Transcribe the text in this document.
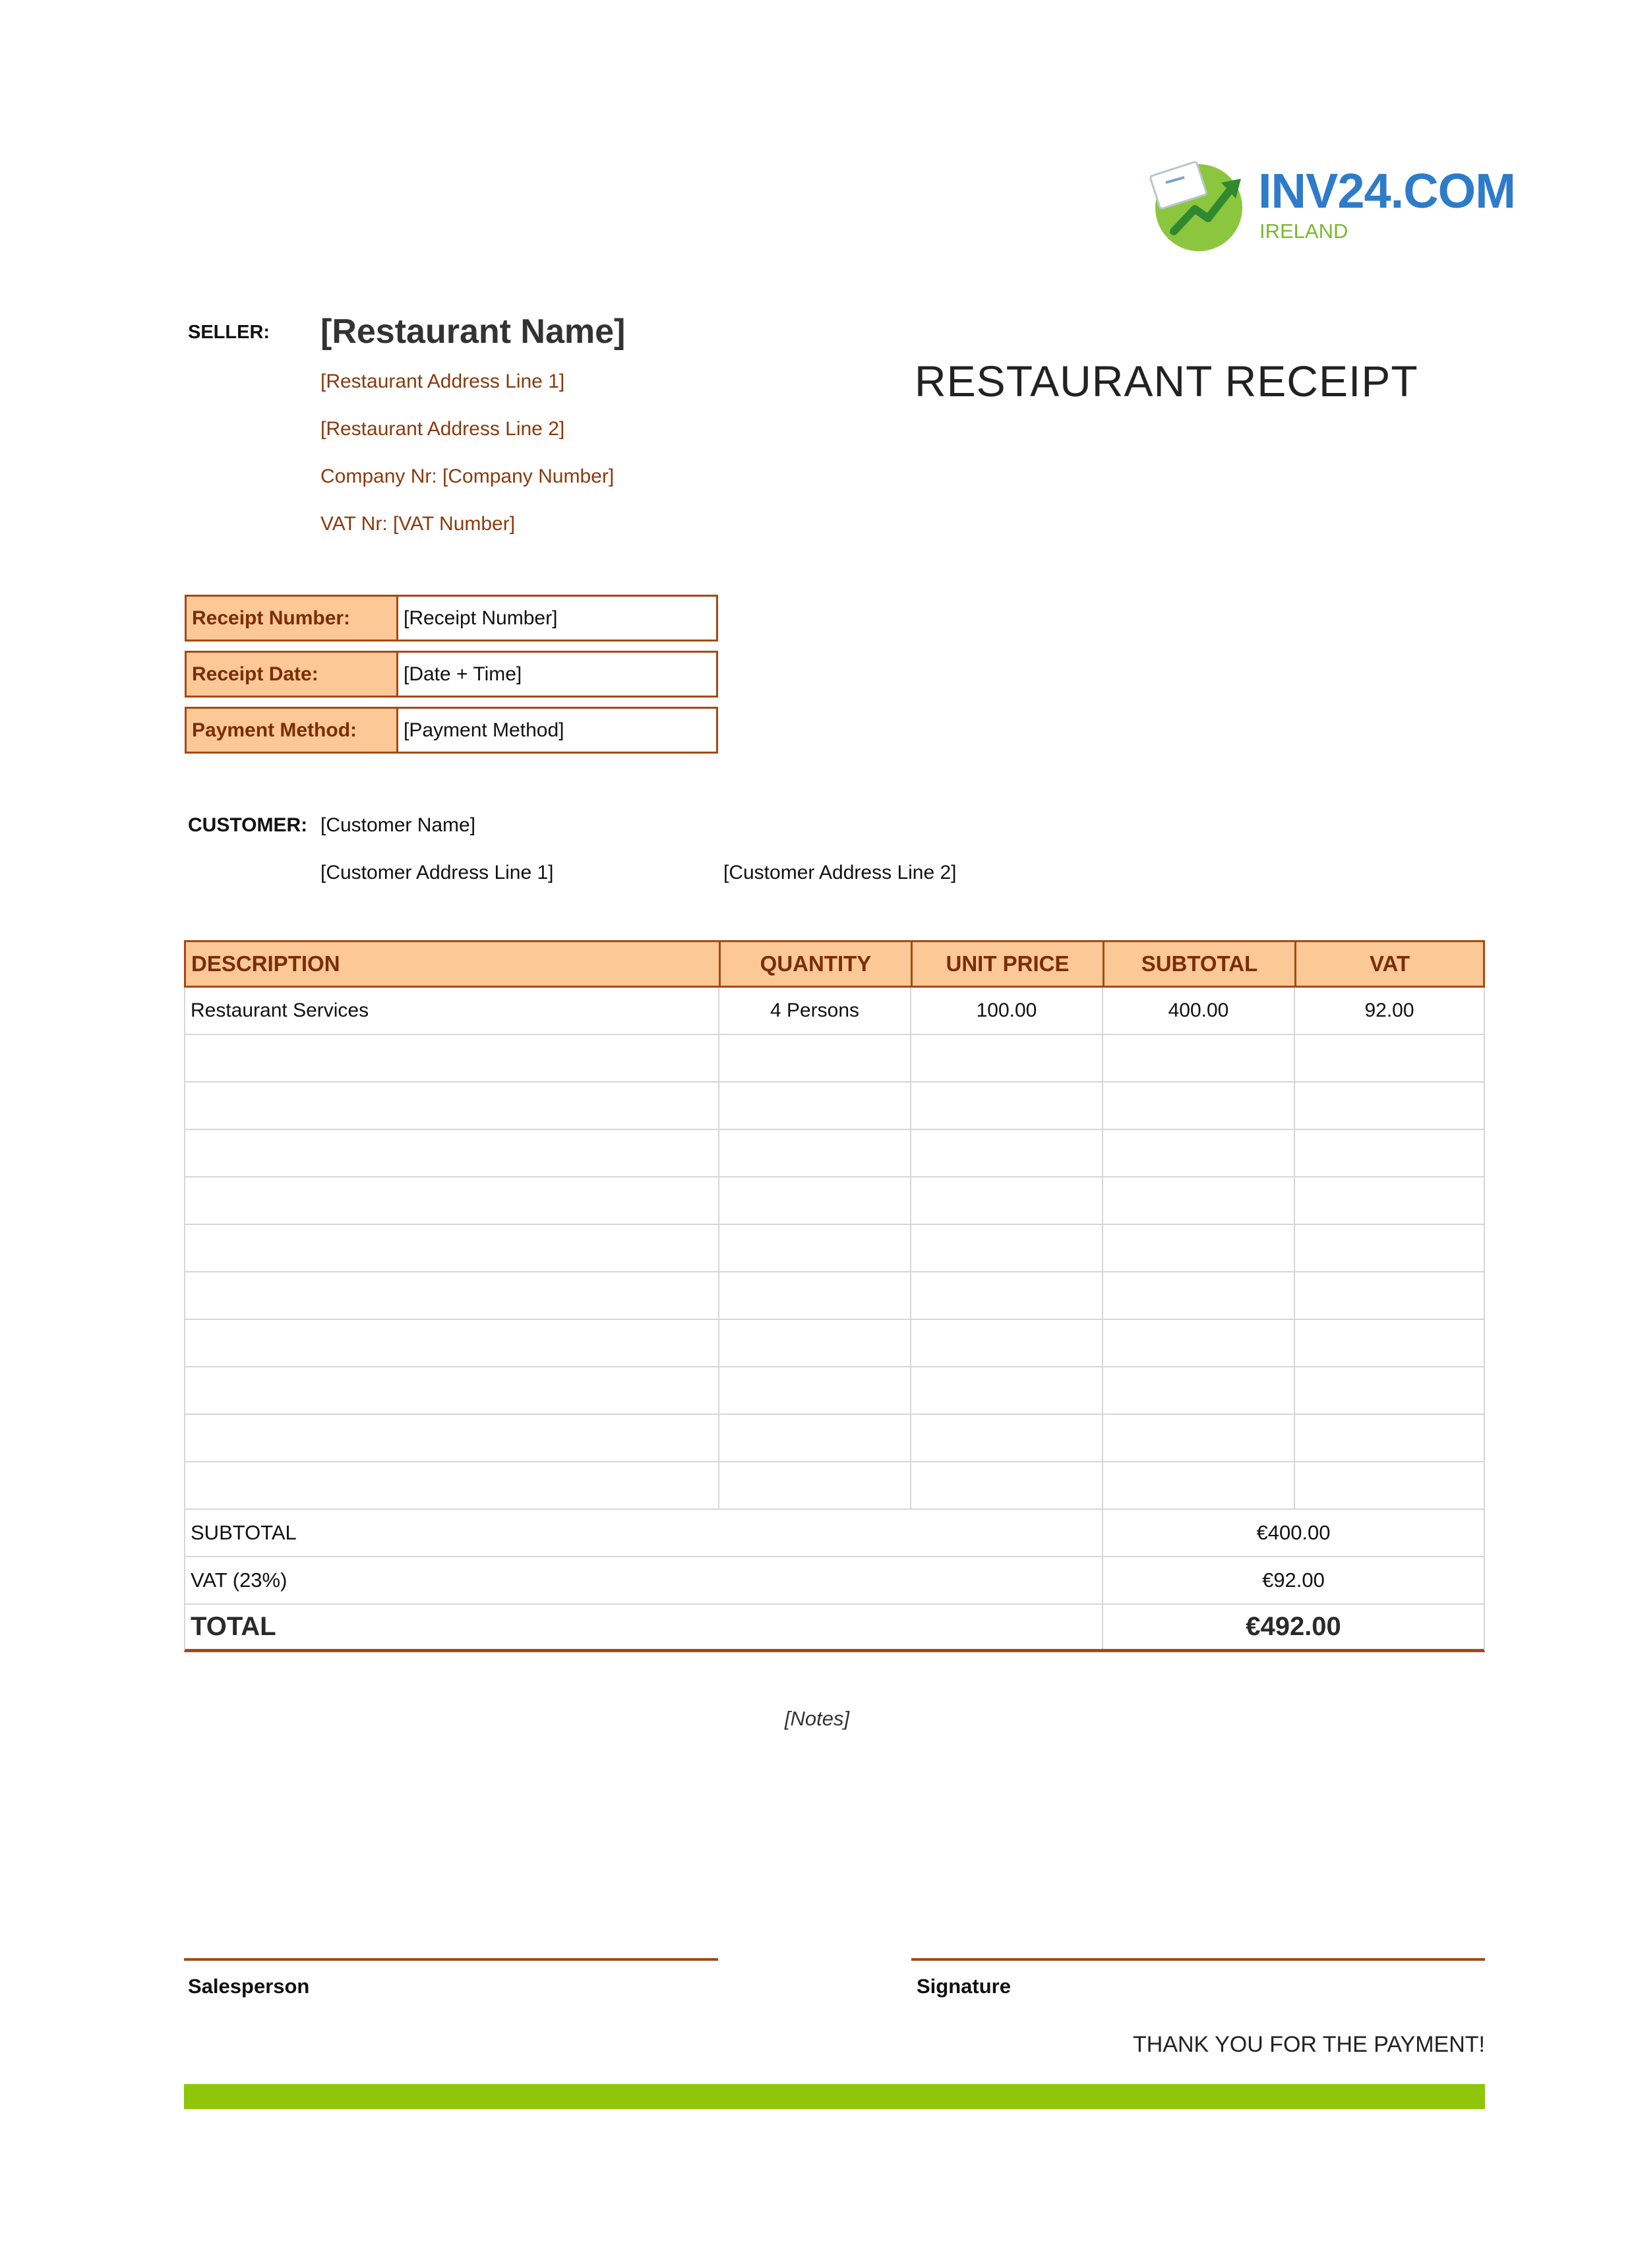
INV24.COM
IRELAND
SELLER: [Restaurant Name]
[Restaurant Address Line 1]
[Restaurant Address Line 2]
Company Nr: [Company Number]
VAT Nr: [VAT Number]
RESTAURANT RECEIPT
Receipt Number:	[Receipt Number]
Receipt Date:	[Date + Time]
Payment Method:	[Payment Method]
CUSTOMER: [Customer Name]
[Customer Address Line 1]	[Customer Address Line 2]
DESCRIPTION	QUANTITY	UNIT PRICE	SUBTOTAL	VAT
Restaurant Services	4 Persons	100.00	400.00	92.00
SUBTOTAL	€400.00
VAT (23%)	€92.00
TOTAL	€492.00
[Notes]
Salesperson	Signature
THANK YOU FOR THE PAYMENT!
